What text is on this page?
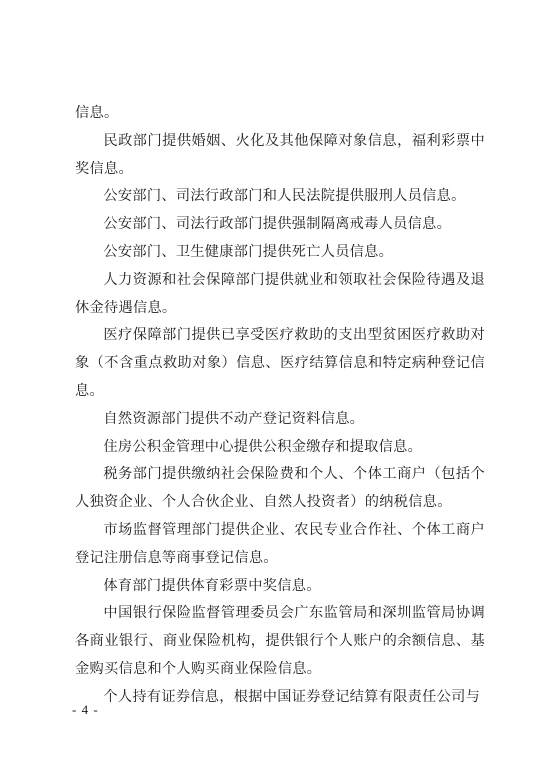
信息。

民政部门提供婚姻、火化及其他保障对象信息，福利彩票中奖信息。

公安部门、司法行政部门和人民法院提供服刑人员信息。

公安部门、司法行政部门提供强制隔离戒毒人员信息。

公安部门、卫生健康部门提供死亡人员信息。

人力资源和社会保障部门提供就业和领取社会保险待遇及退休金待遇信息。

医疗保障部门提供已享受医疗救助的支出型贫困医疗救助对象（不含重点救助对象）信息、医疗结算信息和特定病种登记信息。

自然资源部门提供不动产登记资料信息。

住房公积金管理中心提供公积金缴存和提取信息。

税务部门提供缴纳社会保险费和个人、个体工商户（包括个人独资企业、个人合伙企业、自然人投资者）的纳税信息。

市场监督管理部门提供企业、农民专业合作社、个体工商户登记注册信息等商事登记信息。

体育部门提供体育彩票中奖信息。

中国银行保险监督管理委员会广东监管局和深圳监管局协调各商业银行、商业保险机构，提供银行个人账户的余额信息、基金购买信息和个人购买商业保险信息。

个人持有证券信息，根据中国证券登记结算有限责任公司与

- 4 -
